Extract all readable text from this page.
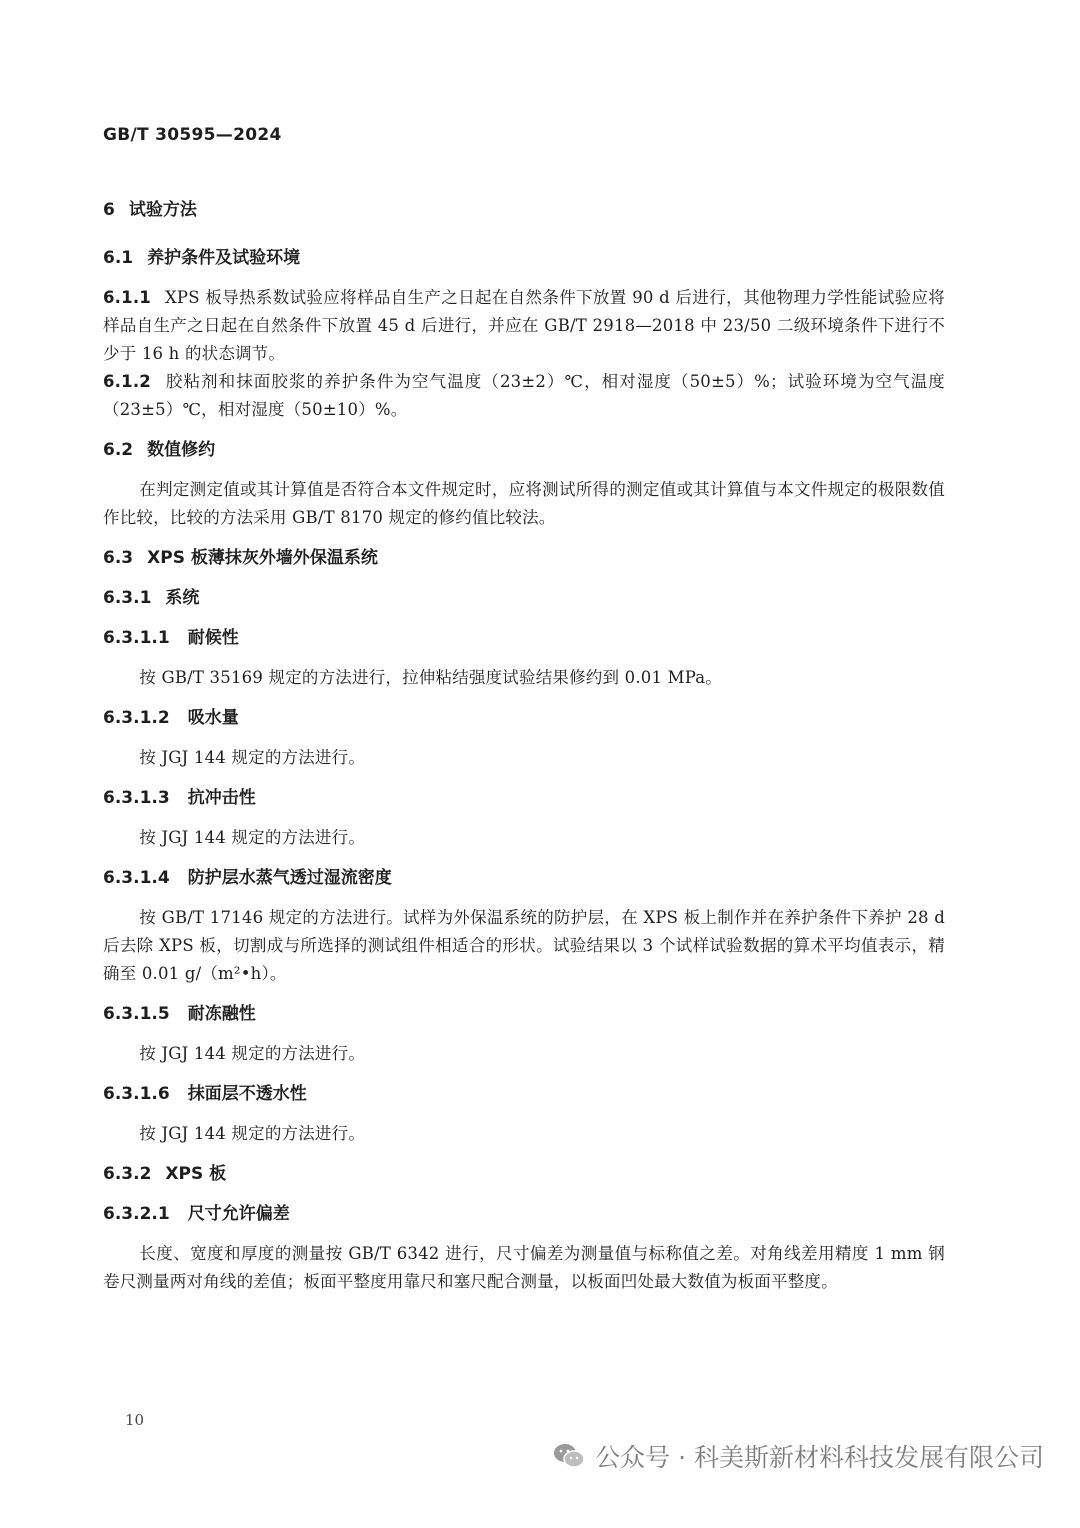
GB/T 30595—2024
6 试验方法
6.1 养护条件及试验环境

6.1.1 XPS 板导热系数试验应将样品自生产之日起在自然条件下放置 90 d 后进行，其他物理力学性能试验应将样品自生产之日起在自然条件下放置 45 d 后进行，并应在 GB/T 2918—2018 中 23/50 二级环境条件下进行不少于 16 h 的状态调节。

6.1.2 胶粘剂和抹面胶浆的养护条件为空气温度（23±2）℃，相对湿度（50±5）%；试验环境为空气温度（23±5）℃，相对湿度（50±10）%。

6.2 数值修约

在判定测定值或其计算值是否符合本文件规定时，应将测试所得的测定值或其计算值与本文件规定的极限数值作比较，比较的方法采用 GB/T 8170 规定的修约值比较法。

6.3 XPS 板薄抹灰外墙外保温系统
6.3.1 系统
6.3.1.1 耐候性

按 GB/T 35169 规定的方法进行，拉伸粘结强度试验结果修约到 0.01 MPa。

6.3.1.2 吸水量

按 JGJ 144 规定的方法进行。

6.3.1.3 抗冲击性

按 JGJ 144 规定的方法进行。

6.3.1.4 防护层水蒸气透过湿流密度

按 GB/T 17146 规定的方法进行。试样为外保温系统的防护层，在 XPS 板上制作并在养护条件下养护 28 d 后去除 XPS 板，切割成与所选择的测试组件相适合的形状。试验结果以 3 个试样试验数据的算术平均值表示，精确至 0.01 g/（m²•h）。

6.3.1.5 耐冻融性

按 JGJ 144 规定的方法进行。

6.3.1.6 抹面层不透水性

按 JGJ 144 规定的方法进行。

6.3.2 XPS 板
6.3.2.1 尺寸允许偏差

长度、宽度和厚度的测量按 GB/T 6342 进行，尺寸偏差为测量值与标称值之差。对角线差用精度 1 mm 钢卷尺测量两对角线的差值；板面平整度用靠尺和塞尺配合测量，以板面凹处最大数值为板面平整度。

10
公众号 · 科美斯新材料科技发展有限公司
